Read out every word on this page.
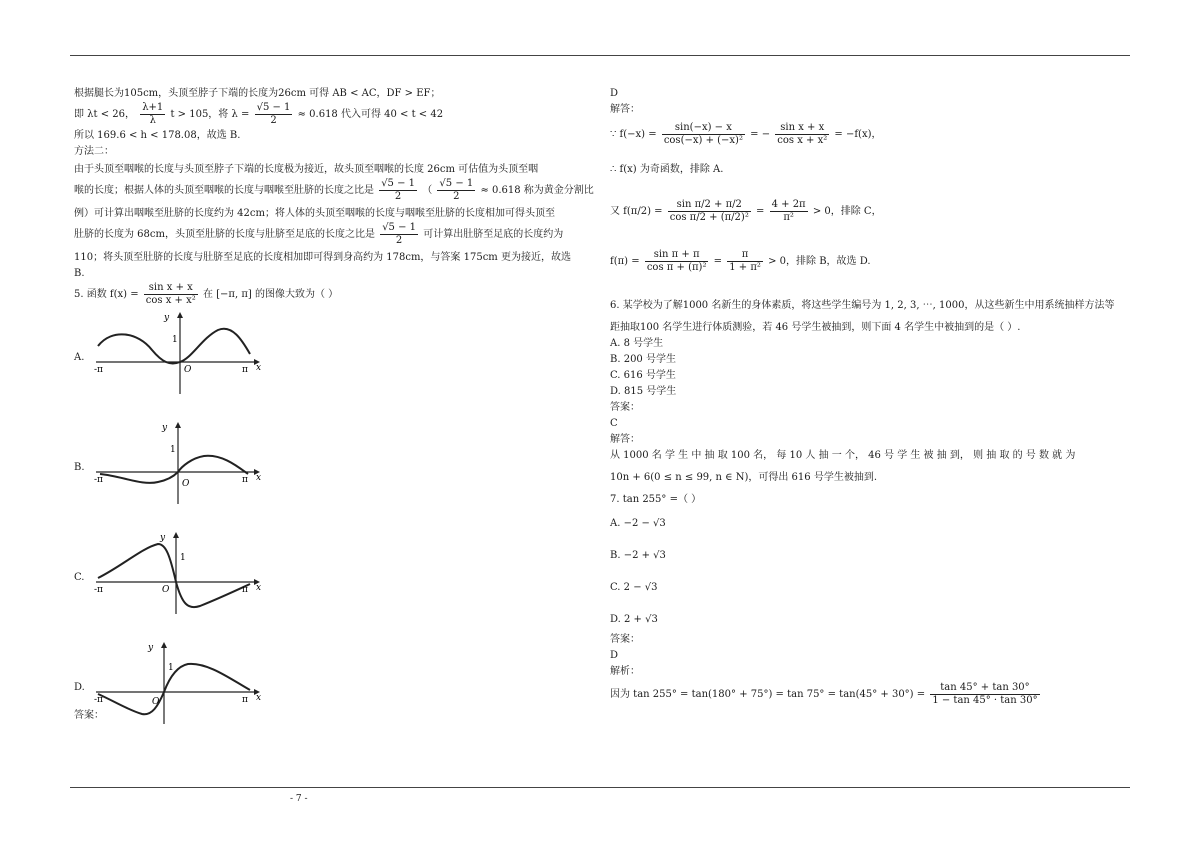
根据腿长为105cm，头顶至脖子下端的长度为26cm 可得 AB < AC，DF > EF；
即 λt < 26， $\frac{\lambda+1}{\lambda}$ t > 105，将 $\lambda = \frac{√5 - 1}{2} \approx 0.618$ 代入可得 40 < t < 42
所以 169.6 < h < 178.08，故选 B.
方法二：
由于头顶至咽喉的长度与头顶至脖子下端的长度极为接近，故头顶至咽喉的长度 26cm 可估值为头顶至咽
喉的长度；根据人体的头顶至咽喉的长度与咽喉至肚脐的长度之比是 $\frac{√5 - 1}{2}$ （ $\frac{√5 - 1}{2} \approx 0.618$ 称为黄金分割比
例）可计算出咽喉至肚脐的长度约为 42cm；将人体的头顶至咽喉的长度与咽喉至肚脐的长度相加可得头顶至
肚脐的长度为 68cm，头顶至肚脐的长度与肚脐至足底的长度之比是 $\frac{√5 - 1}{2}$ 可计算出肚脐至足底的长度约为
110；将头顶至肚脐的长度与肚脐至足底的长度相加即可得到身高约为 178cm，与答案 175cm 更为接近，故选
B.
5. 函数 $f(x) = \frac{\text{sin x + x}}{\text{cos x + x²}}$ 在 [−π, π] 的图像大致为（ ）
A.
y
1
O
-π	π x
B.
y
1
O
-π	π x
C.
y
1
O
-π	π x
D.
y
1
O
-π	π x
答案：
D
解答：
∵ $f(-x) = \frac{\sin(-x) - x}{\text{cos(−x) + (−x)²}}$ = − $\frac{\text{sin x + x}}{\text{cos x + x²}} = -f(x)$，
∴ f(x) 为奇函数，排除 A.
又 $f(\pi/2) = \frac{\text{sin π/2 + π/2}}{\text{cos π/2 + (π/2)²}} = \frac{4 + 2\pi}{\text{π²}} > 0$，排除 C，
$f(\pi) = \frac{\text{sin π + π}}{\text{cos π + (π)²}} = \frac{\pi}{\text{1 + π²}} > 0$，排除 B，故选 D.
6. 某学校为了解1000 名新生的身体素质，将这些学生编号为 1, 2, 3, ⋯, 1000，从这些新生中用系统抽样方法等
距抽取100 名学生进行体质测验，若 46 号学生被抽到，则下面 4 名学生中被抽到的是（ ）.
A. 8 号学生
B. 200 号学生
C. 616 号学生
D. 815 号学生
答案：
C
解答：
从 1000 名 学 生 中 抽 取 100 名， 每 10 人 抽 一 个， 46 号 学 生 被 抽 到， 则 抽 取 的 号 数 就 为
10n + 6(0 ≤ n ≤ 99, n ∈ N)，可得出 616 号学生被抽到.
7. tan 255° =（ ）
A. −2 − √3
B. −2 + √3
C. 2 − √3
D. 2 + √3
答案：
D
解析：
因为 $\tan 255^\circ = \tan(180^\circ + 75^\circ) = \tan 75^\circ = \tan(45^\circ + 30^\circ) = \frac{\tan 45^\circ + \tan 30^\circ}{1 - \tan 45^\circ \cdot \tan 30^\circ}$
- 7 -
